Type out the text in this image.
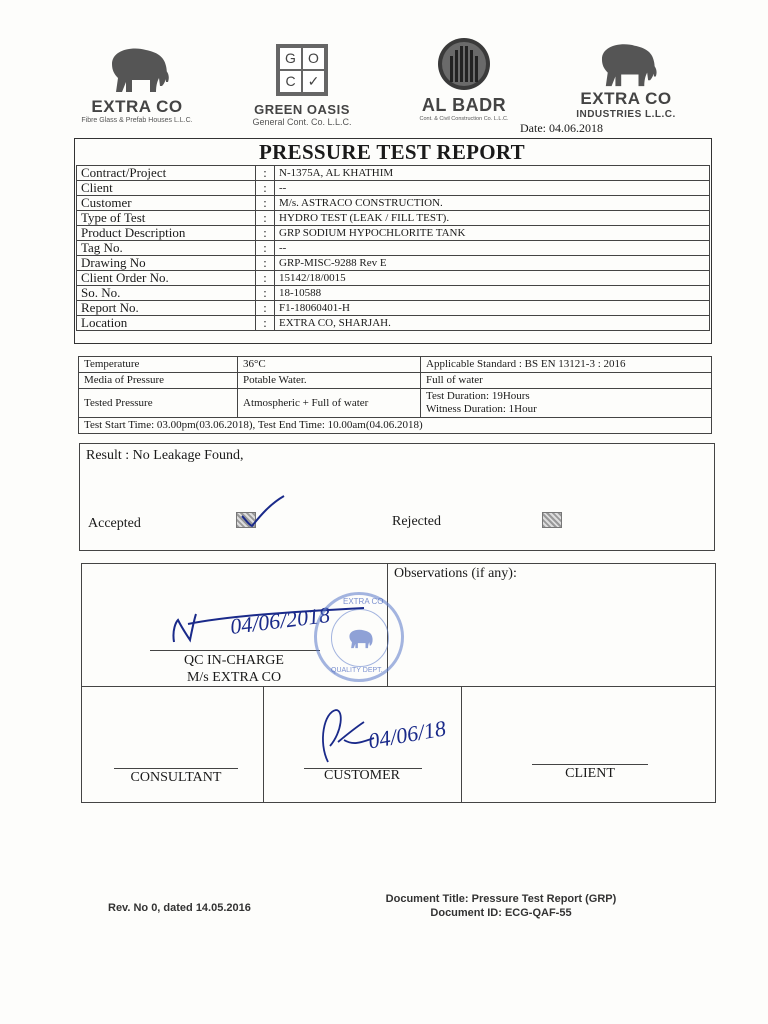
EXTRA CO
Fibre Glass & Prefab Houses L.L.C.
G O
C ✓
GREEN OASIS
General Cont. Co. L.L.C.
AL BADR
Cont. & Civil Construction Co. L.L.C.
EXTRA CO
INDUSTRIES L.L.C.
Date: 04.06.2018
PRESSURE TEST REPORT
Contract/Project	:	N-1375A, AL KHATHIM
Client	:	--
Customer	:	M/s. ASTRACO CONSTRUCTION.
Type of Test	:	HYDRO TEST (LEAK / FILL TEST).
Product Description	:	GRP SODIUM HYPOCHLORITE TANK
Tag No.	:	--
Drawing No	:	GRP-MISC-9288 Rev E
Client Order No.	:	15142/18/0015
So. No.	:	18-10588
Report No.	:	F1-18060401-H
Location	:	EXTRA CO, SHARJAH.
Temperature	36°C	Applicable Standard : BS EN 13121-3 : 2016
Media of Pressure	Potable Water.	Full of water
Tested Pressure	Atmospheric + Full of water	Test Duration: 19Hours
Witness Duration: 1Hour

Test Start Time: 03.00pm(03.06.2018), Test End Time: 10.00am(04.06.2018)		
Result : No Leakage Found,
Accepted	Rejected
Observations (if any):
04/06/2018
QC IN-CHARGE
M/s EXTRA CO
EXTRA CO
QUALITY DEPT.
04/06/18
CONSULTANT	CUSTOMER	CLIENT
Rev. No 0, dated 14.05.2016
Document Title: Pressure Test Report (GRP)
Document ID: ECG-QAF-55
